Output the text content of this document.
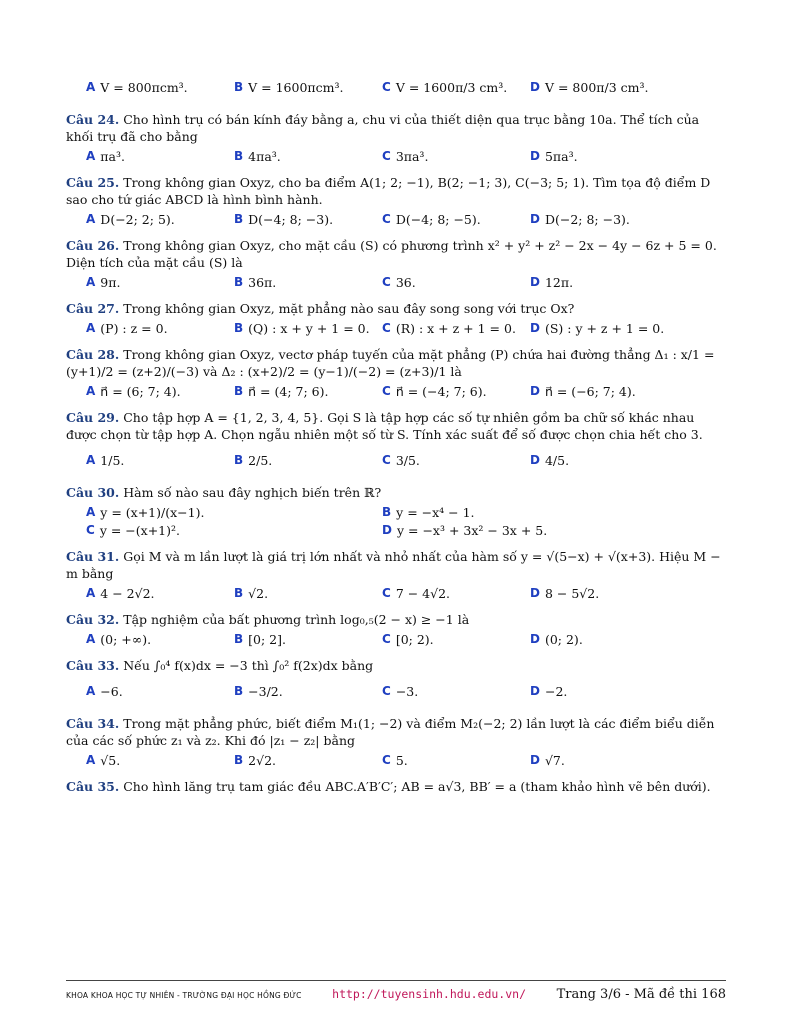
A V = 800πcm³.	B V = 1600πcm³.	C V = 1600π/3 cm³. D V = 800π/3 cm³.
Câu 24. Cho hình trụ có bán kính đáy bằng a, chu vi của thiết diện qua trục bằng 10a. Thể tích của khối trụ đã cho bằng
A πa³.	B 4πa³.	C 3πa³.	D 5πa³.
Câu 25. Trong không gian Oxyz, cho ba điểm A(1; 2; −1), B(2; −1; 3), C(−3; 5; 1). Tìm tọa độ điểm D sao cho tứ giác ABCD là hình bình hành.
A D(−2; 2; 5).	B D(−4; 8; −3).	C D(−4; 8; −5).	D D(−2; 8; −3).
Câu 26. Trong không gian Oxyz, cho mặt cầu (S) có phương trình x² + y² + z² − 2x − 4y − 6z + 5 = 0. Diện tích của mặt cầu (S) là
A 9π.	B 36π.	C 36.	D 12π.
Câu 27. Trong không gian Oxyz, mặt phẳng nào sau đây song song với trục Ox?
A (P) : z = 0.	B (Q) : x + y + 1 = 0. C (R) : x + z + 1 = 0. D (S) : y + z + 1 = 0.
Câu 28. Trong không gian Oxyz, vectơ pháp tuyến của mặt phẳng (P) chứa hai đường thẳng Δ₁ : x/1 = (y+1)/2 = (z+2)/(−3) và Δ₂ : (x+2)/2 = (y−1)/(−2) = (z+3)/1 là
A n⃗ = (6; 7; 4).	B n⃗ = (4; 7; 6).	C n⃗ = (−4; 7; 6).	D n⃗ = (−6; 7; 4).
Câu 29. Cho tập hợp A = {1, 2, 3, 4, 5}. Gọi S là tập hợp các số tự nhiên gồm ba chữ số khác nhau được chọn từ tập hợp A. Chọn ngẫu nhiên một số từ S. Tính xác suất để số được chọn chia hết cho 3.
A 1/5.	B 2/5.	C 3/5.	D 4/5.
Câu 30. Hàm số nào sau đây nghịch biến trên ℝ?
A y = (x+1)/(x−1).	B y = −x⁴ − 1.
C y = −(x+1)².	D y = −x³ + 3x² − 3x + 5.
Câu 31. Gọi M và m lần lượt là giá trị lớn nhất và nhỏ nhất của hàm số y = √(5−x) + √(x+3). Hiệu M − m bằng
A 4 − 2√2.	B √2.	C 7 − 4√2.	D 8 − 5√2.
Câu 32. Tập nghiệm của bất phương trình log₀,₅(2 − x) ≥ −1 là
A (0; +∞).	B [0; 2].	C [0; 2).	D (0; 2).
Câu 33. Nếu ∫₀⁴ f(x)dx = −3 thì ∫₀² f(2x)dx bằng
A −6.	B −3/2.	C −3.	D −2.
Câu 34. Trong mặt phẳng phức, biết điểm M₁(1; −2) và điểm M₂(−2; 2) lần lượt là các điểm biểu diễn của các số phức z₁ và z₂. Khi đó |z₁ − z₂| bằng
A √5.	B 2√2.	C 5.	D √7.
Câu 35. Cho hình lăng trụ tam giác đều ABC.A′B′C′; AB = a√3, BB′ = a (tham khảo hình vẽ bên dưới).
KHOA KHOA HỌC TỰ NHIÊN - TRƯỜNG ĐẠI HỌC HỒNG ĐỨC	http://tuyensinh.hdu.edu.vn/ Trang 3/6 - Mã đề thi 168
